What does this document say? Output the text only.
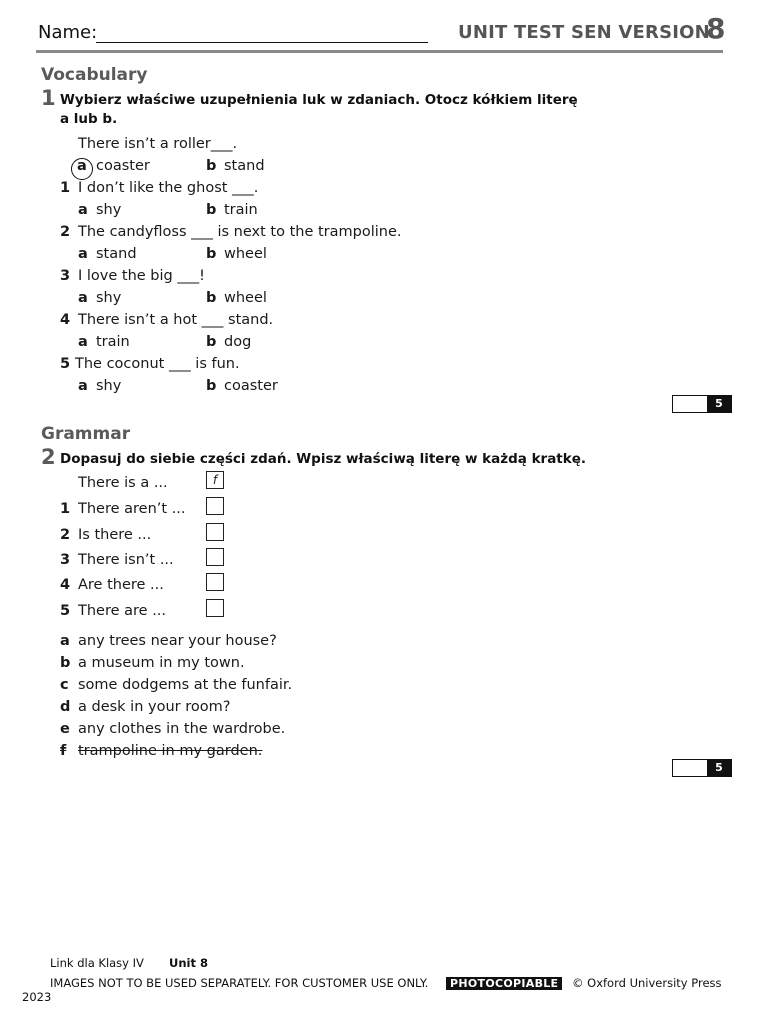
Name:	UNIT TEST SEN VERSION
8
Vocabulary
1 Wybierz właściwe uzupełnienia luk w zdaniach. Otocz kółkiem literę
a lub b.
There isn’t a roller___.
a coaster	b stand
1 I don’t like the ghost ___.
a shy	b train
2 The candyfloss ___ is next to the trampoline.
a stand	b wheel
3 I love the big ___!
a shy	b wheel
4 There isn’t a hot ___ stand.
a train	b dog
5 The coconut ___ is fun.
a shy	b coaster
5
Grammar
2 Dopasuj do siebie części zdań. Wpisz właściwą literę w każdą kratkę.
There is a ...	f
1 There aren’t ...
2 Is there ...
3 There isn’t ...
4 Are there ...
5 There are ...
a any trees near your house?
b a museum in my town.
c some dodgems at the funfair.
d a desk in your room?
e any clothes in the wardrobe.
f trampoline in my garden.
5
Link dla Klasy IV Unit 8
IMAGES NOT TO BE USED SEPARATELY. FOR CUSTOMER USE ONLY.	PHOTOCOPIABLE	© Oxford University Press
2023
